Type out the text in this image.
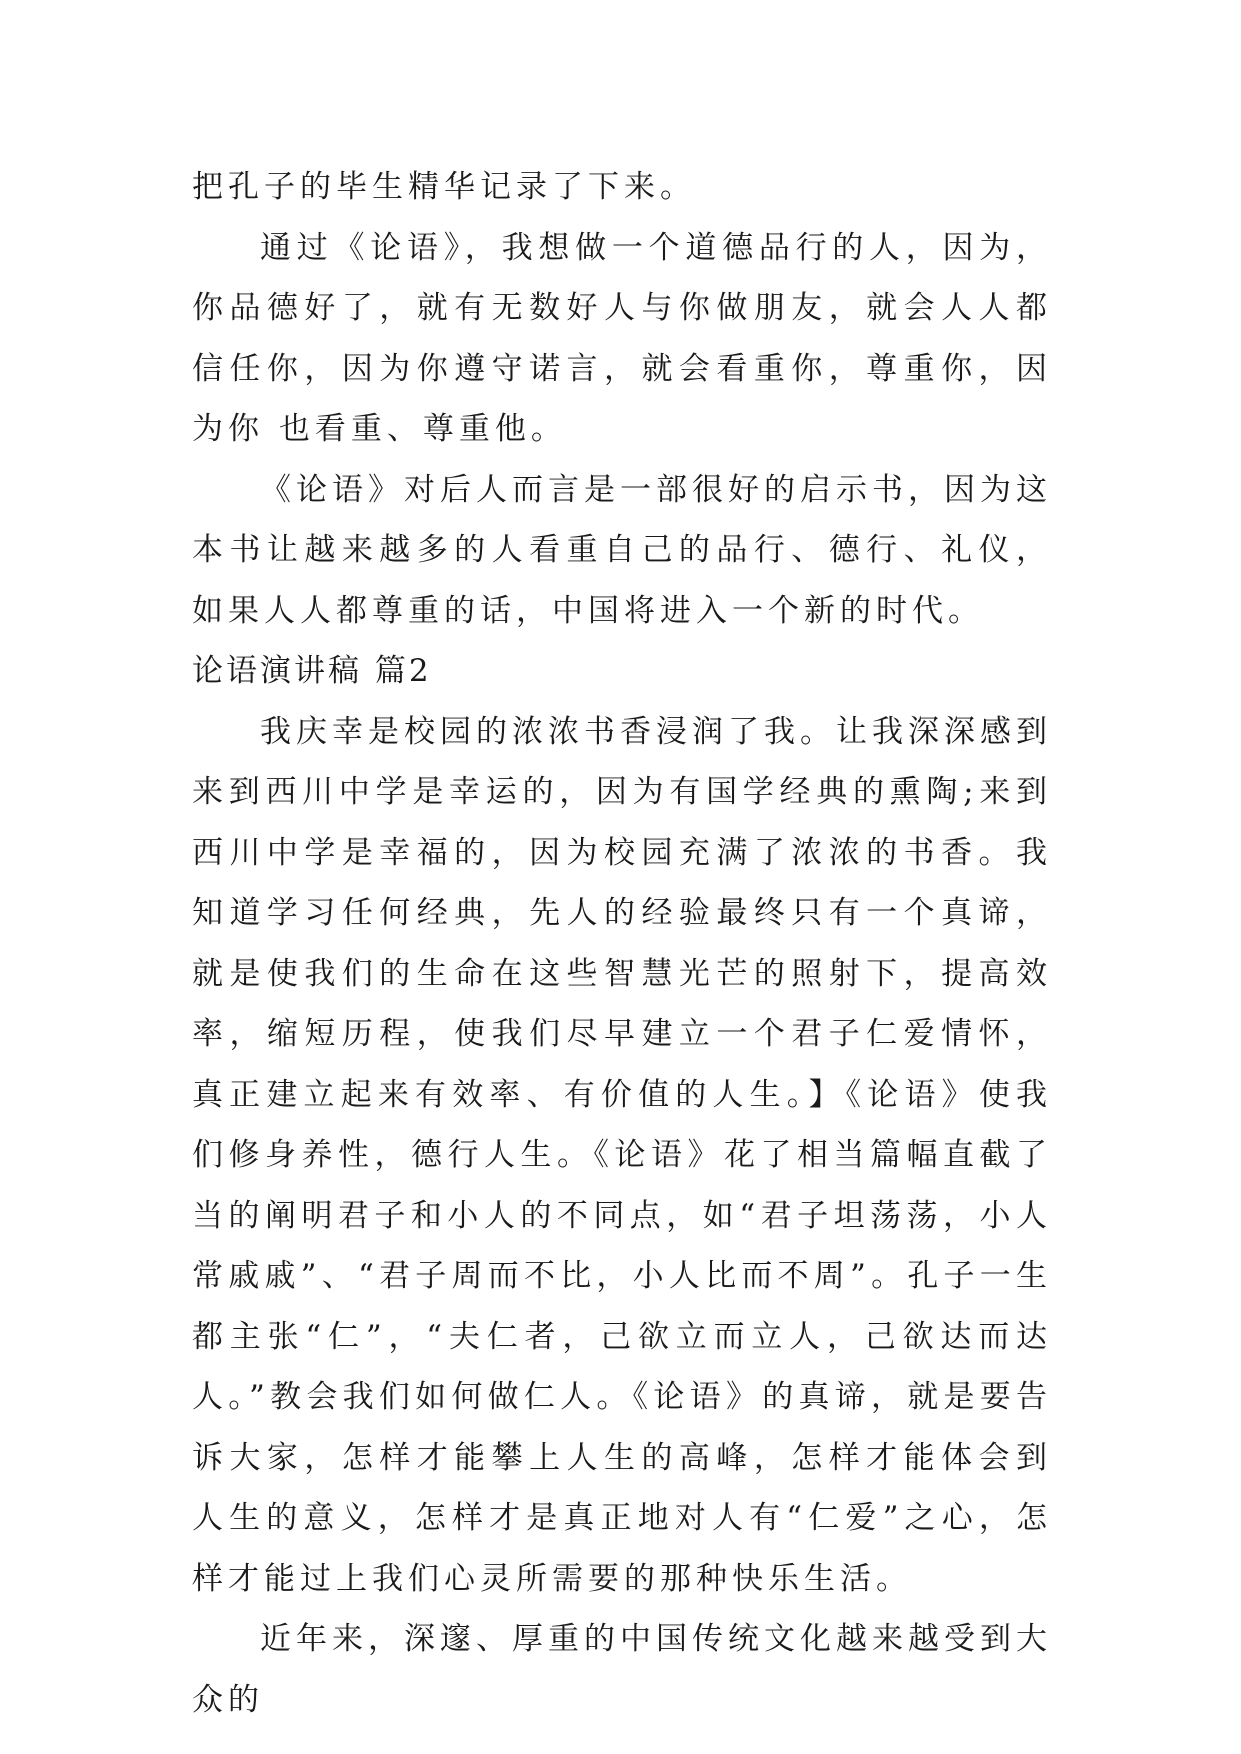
把孔子的毕生精华记录了下来。

通过《论语》，我想做一个道德品行的人，因为，你品德好了，就有无数好人与你做朋友，就会人人都信任你，因为你遵守诺言，就会看重你，尊重你，因为你 也看重、尊重他。

《论语》对后人而言是一部很好的启示书，因为这本书让越来越多的人看重自己的品行、德行、礼仪，如果人人都尊重的话，中国将进入一个新的时代。

论语演讲稿 篇2

我庆幸是校园的浓浓书香浸润了我。让我深深感到来到西川中学是幸运的，因为有国学经典的熏陶;来到西川中学是幸福的，因为校园充满了浓浓的书香。我知道学习任何经典，先人的经验最终只有一个真谛，就是使我们的生命在这些智慧光芒的照射下，提高效率，缩短历程，使我们尽早建立一个君子仁爱情怀，真正建立起来有效率、有价值的人生。】《论语》使我们修身养性，德行人生。《论语》花了相当篇幅直截了当的阐明君子和小人的不同点，如“君子坦荡荡，小人常戚戚”、“君子周而不比，小人比而不周”。孔子一生都主张“仁”，“夫仁者，己欲立而立人，己欲达而达人。”教会我们如何做仁人。《论语》的真谛，就是要告诉大家，怎样才能攀上人生的高峰，怎样才能体会到人生的意义，怎样才是真正地对人有“仁爱”之心，怎样才能过上我们心灵所需要的那种快乐生活。

近年来，深邃、厚重的中国传统文化越来越受到大众的
